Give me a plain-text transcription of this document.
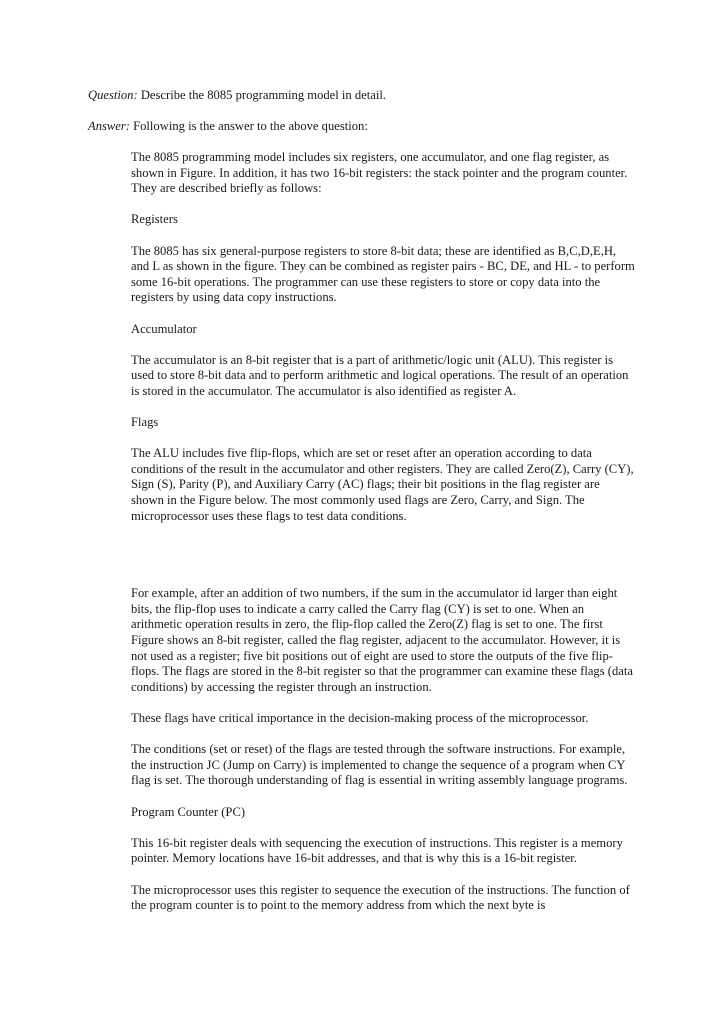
Question: Describe the 8085 programming model in detail.

Answer: Following is the answer to the above question:

The 8085 programming model includes six registers, one accumulator, and one flag register, as shown in Figure. In addition, it has two 16-bit registers: the stack pointer and the program counter. They are described briefly as follows:

Registers

The 8085 has six general-purpose registers to store 8-bit data; these are identified as B,C,D,E,H, and L as shown in the figure. They can be combined as register pairs - BC, DE, and HL - to perform some 16-bit operations. The programmer can use these registers to store or copy data into the registers by using data copy instructions.

Accumulator

The accumulator is an 8-bit register that is a part of arithmetic/logic unit (ALU). This register is used to store 8-bit data and to perform arithmetic and logical operations. The result of an operation is stored in the accumulator. The accumulator is also identified as register A.

Flags

The ALU includes five flip-flops, which are set or reset after an operation according to data conditions of the result in the accumulator and other registers. They are called Zero(Z), Carry (CY), Sign (S), Parity (P), and Auxiliary Carry (AC) flags; their bit positions in the flag register are shown in the Figure below. The most commonly used flags are Zero, Carry, and Sign. The microprocessor uses these flags to test data conditions.

For example, after an addition of two numbers, if the sum in the accumulator id larger than eight bits, the flip-flop uses to indicate a carry called the Carry flag (CY) is set to one. When an arithmetic operation results in zero, the flip-flop called the Zero(Z) flag is set to one. The first Figure shows an 8-bit register, called the flag register, adjacent to the accumulator. However, it is not used as a register; five bit positions out of eight are used to store the outputs of the five flip-flops. The flags are stored in the 8-bit register so that the programmer can examine these flags (data conditions) by accessing the register through an instruction.

These flags have critical importance in the decision-making process of the microprocessor.

The conditions (set or reset) of the flags are tested through the software instructions. For example, the instruction JC (Jump on Carry) is implemented to change the sequence of a program when CY flag is set. The thorough understanding of flag is essential in writing assembly language programs.

Program Counter (PC)

This 16-bit register deals with sequencing the execution of instructions. This register is a memory pointer. Memory locations have 16-bit addresses, and that is why this is a 16-bit register.

The microprocessor uses this register to sequence the execution of the instructions. The function of the program counter is to point to the memory address from which the next byte is
